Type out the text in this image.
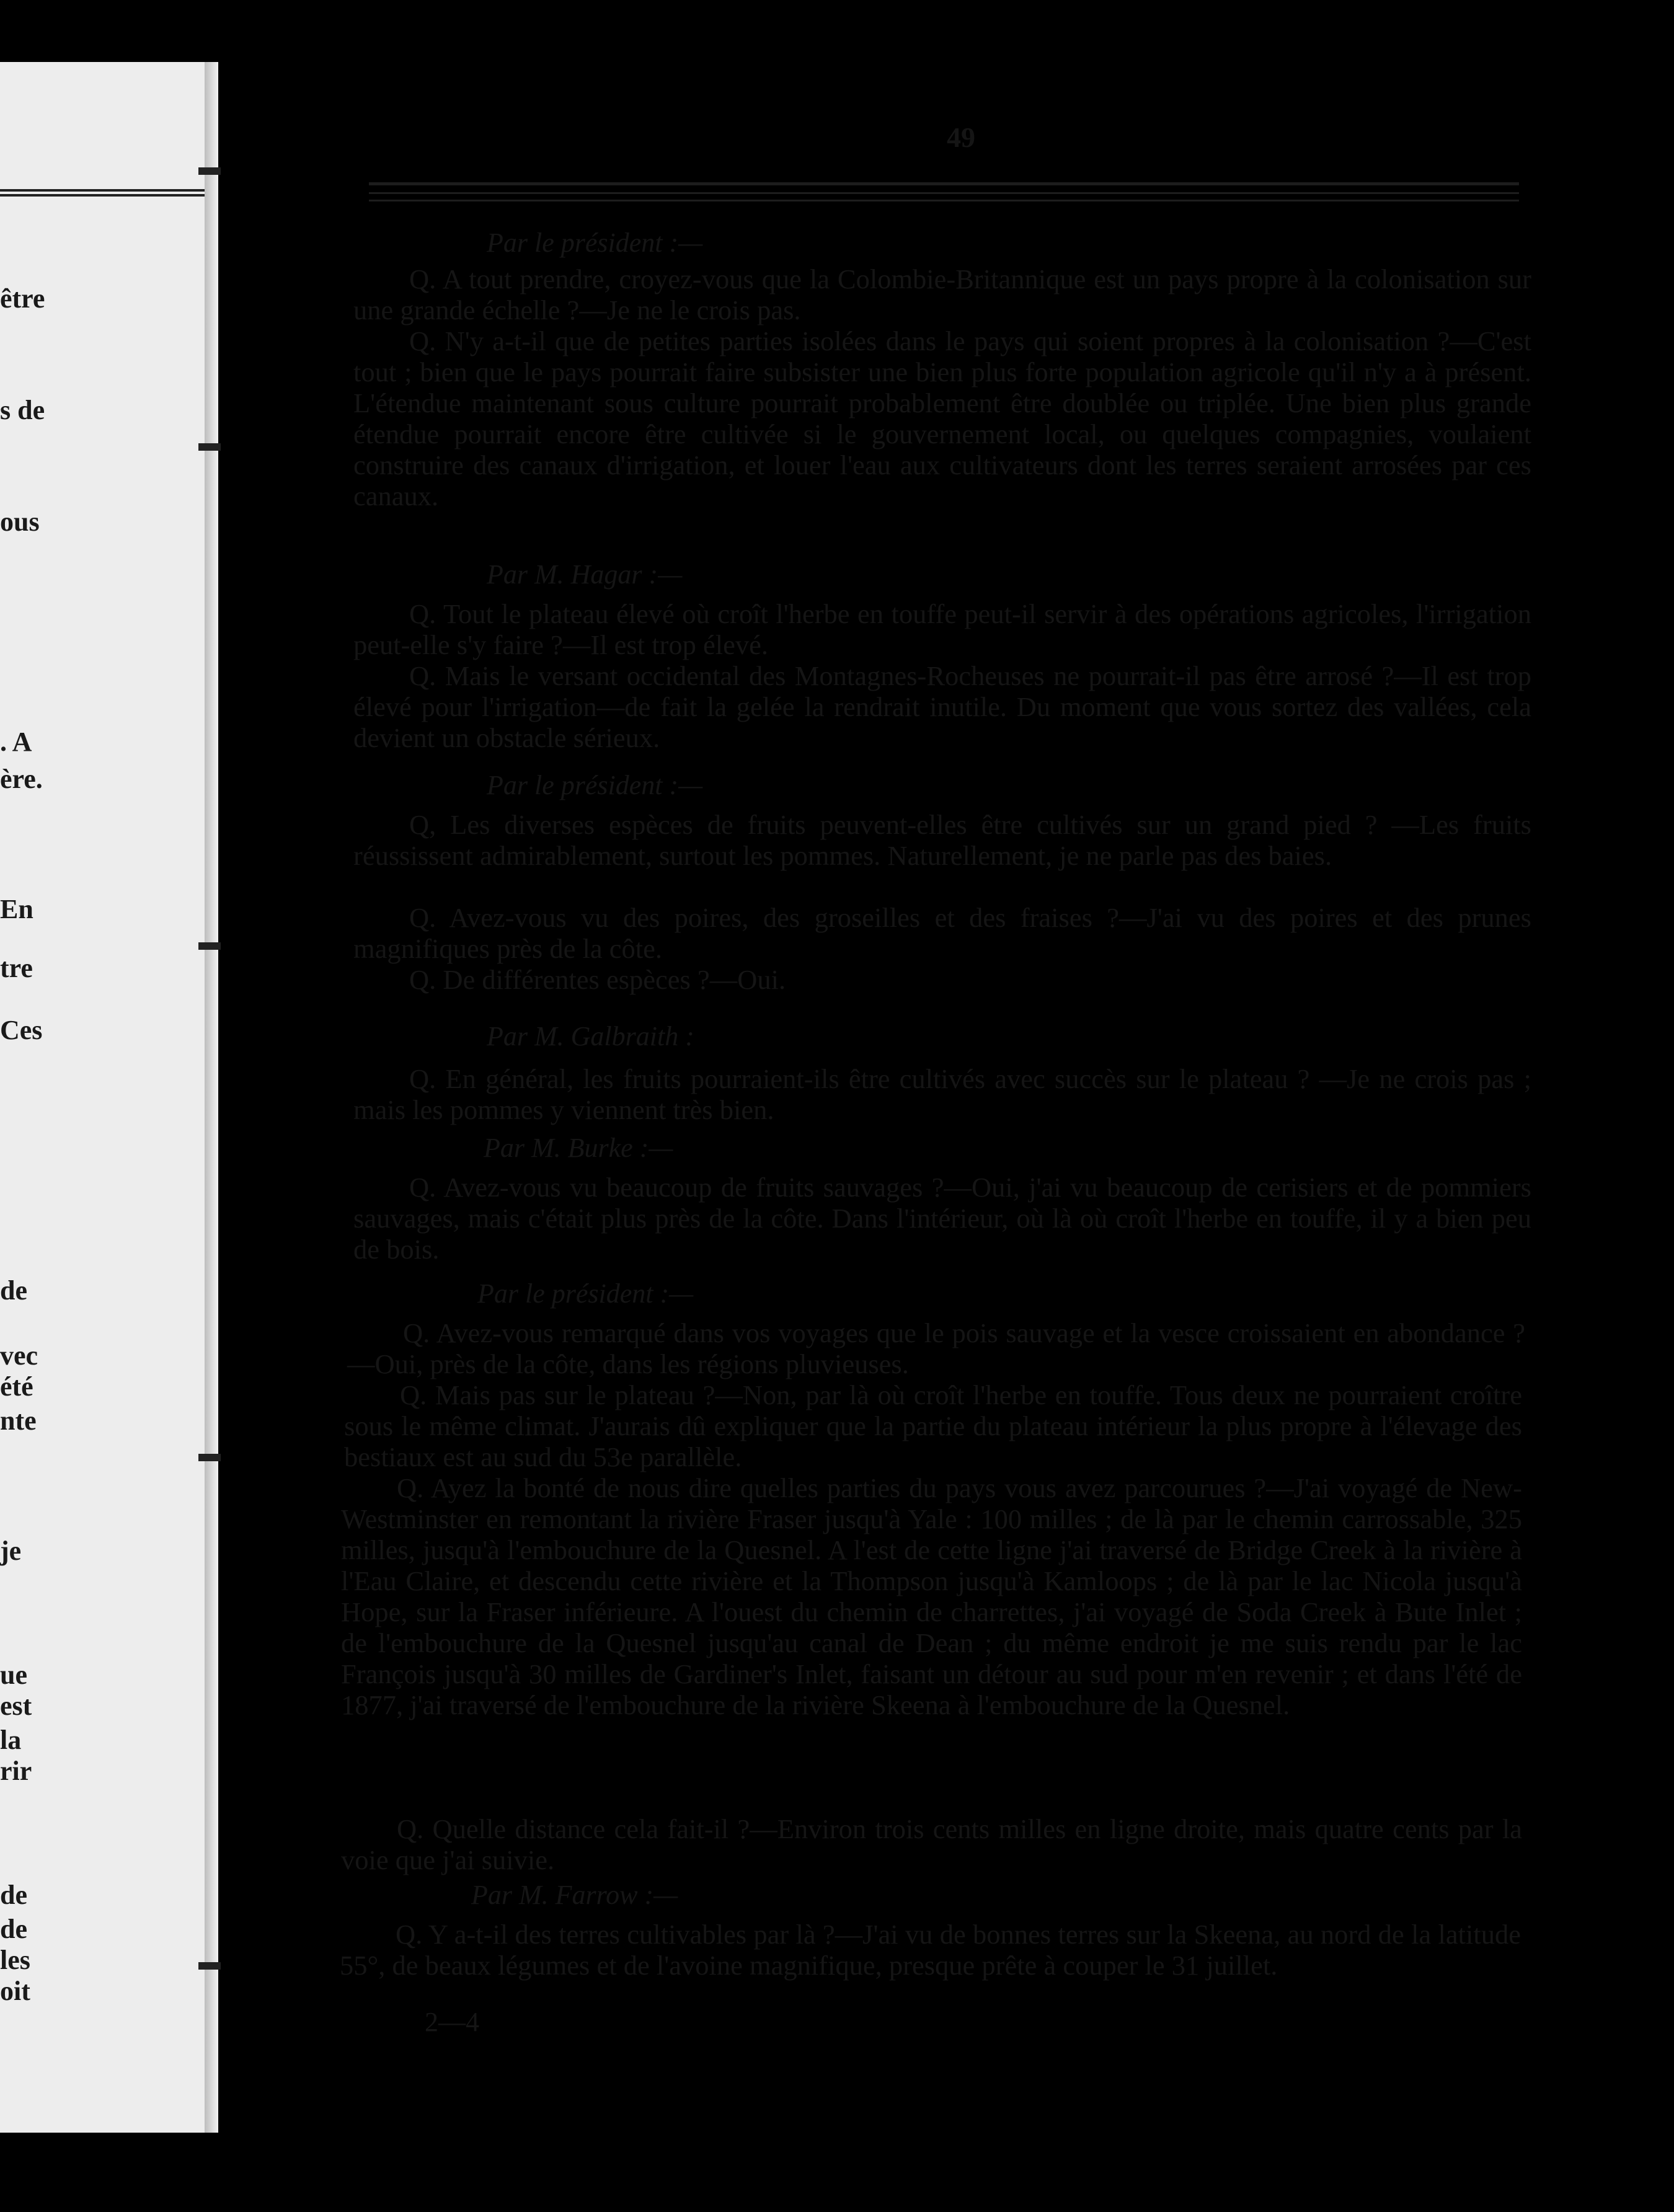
être
s de
ous
. A
ère.
En
tre
Ces
de
vec
été
nte
je
ue
est
la
rir
de
de
les
oit
49
Par le président :—
Q. A tout prendre, croyez-vous que la Colombie-Britannique est un pays propre à la colonisation sur une grande échelle ?—Je ne le crois pas.
Q. N'y a-t-il que de petites parties isolées dans le pays qui soient propres à la colonisation ?—C'est tout ; bien que le pays pourrait faire subsister une bien plus forte population agricole qu'il n'y a à présent. L'étendue maintenant sous culture pourrait probablement être doublée ou triplée. Une bien plus grande étendue pourrait encore être cultivée si le gouvernement local, ou quelques compagnies, voulaient construire des canaux d'irrigation, et louer l'eau aux cultivateurs dont les terres seraient arrosées par ces canaux.
Par M. Hagar :—
Q. Tout le plateau élevé où croît l'herbe en touffe peut-il servir à des opérations agricoles, l'irrigation peut-elle s'y faire ?—Il est trop élevé.
Q. Mais le versant occidental des Montagnes-Rocheuses ne pourrait-il pas être arrosé ?—Il est trop élevé pour l'irrigation—de fait la gelée la rendrait inutile. Du moment que vous sortez des vallées, cela devient un obstacle sérieux.
Par le président :—
Q, Les diverses espèces de fruits peuvent-elles être cultivés sur un grand pied ? —Les fruits réussissent admirablement, surtout les pommes. Naturellement, je ne parle pas des baies.
Q. Avez-vous vu des poires, des groseilles et des fraises ?—J'ai vu des poires et des prunes magnifiques près de la côte.
Q. De différentes espèces ?—Oui.
Par M. Galbraith :
Q. En général, les fruits pourraient-ils être cultivés avec succès sur le plateau ? —Je ne crois pas ; mais les pommes y viennent très bien.
Par M. Burke :—
Q. Avez-vous vu beaucoup de fruits sauvages ?—Oui, j'ai vu beaucoup de cerisiers et de pommiers sauvages, mais c'était plus près de la côte. Dans l'intérieur, où là où croît l'herbe en touffe, il y a bien peu de bois.
Par le président :—
Q. Avez-vous remarqué dans vos voyages que le pois sauvage et la vesce croissaient en abondance ?—Oui, près de la côte, dans les régions pluvieuses.
Q. Mais pas sur le plateau ?—Non, par là où croît l'herbe en touffe. Tous deux ne pourraient croître sous le même climat. J'aurais dû expliquer que la partie du plateau intérieur la plus propre à l'élevage des bestiaux est au sud du 53e parallèle.
Q. Ayez la bonté de nous dire quelles parties du pays vous avez parcourues ?—J'ai voyagé de New-Westminster en remontant la rivière Fraser jusqu'à Yale : 100 milles ; de là par le chemin carrossable, 325 milles, jusqu'à l'embouchure de la Quesnel. A l'est de cette ligne j'ai traversé de Bridge Creek à la rivière à l'Eau Claire, et descendu cette rivière et la Thompson jusqu'à Kamloops ; de là par le lac Nicola jusqu'à Hope, sur la Fraser inférieure. A l'ouest du chemin de charrettes, j'ai voyagé de Soda Creek à Bute Inlet ; de l'embouchure de la Quesnel jusqu'au canal de Dean ; du même endroit je me suis rendu par le lac François jusqu'à 30 milles de Gardiner's Inlet, faisant un détour au sud pour m'en revenir ; et dans l'été de 1877, j'ai traversé de l'embouchure de la rivière Skeena à l'embouchure de la Quesnel.
Q. Quelle distance cela fait-il ?—Environ trois cents milles en ligne droite, mais quatre cents par la voie que j'ai suivie.
Par M. Farrow :—
Q. Y a-t-il des terres cultivables par là ?—J'ai vu de bonnes terres sur la Skeena, au nord de la latitude 55°, de beaux légumes et de l'avoine magnifique, presque prête à couper le 31 juillet.
2—4
